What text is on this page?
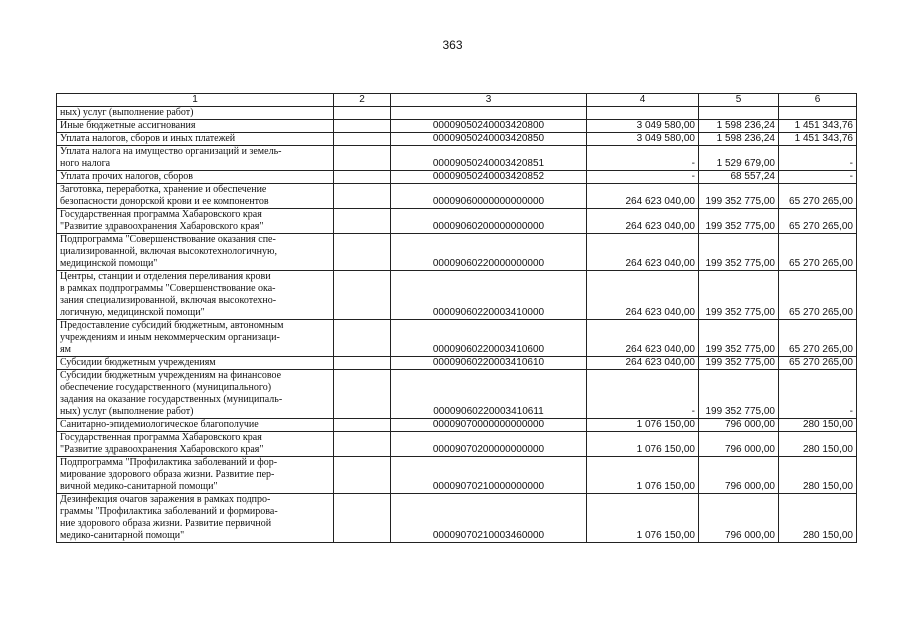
363
1	2	3	4	5	6

ных) услуг (выполнение работ)					

Иные бюджетные ассигнования		00009050240003420800	3 049 580,00	1 598 236,24	1 451 343,76

Уплата налогов, сборов и иных платежей		00009050240003420850	3 049 580,00	1 598 236,24	1 451 343,76

Уплата налога на имущество организаций и земель-
ного налога		00009050240003420851	-	1 529 679,00	-

Уплата прочих налогов, сборов		00009050240003420852	-	68 557,24	-

Заготовка, переработка, хранение и обеспечение
безопасности донорской крови и ее компонентов		00009060000000000000	264 623 040,00	199 352 775,00	65 270 265,00

Государственная программа Хабаровского края
"Развитие здравоохранения Хабаровского края"		00009060200000000000	264 623 040,00	199 352 775,00	65 270 265,00

Подпрограмма "Совершенствование оказания спе-
циализированной, включая высокотехнологичную,
медицинской помощи"		00009060220000000000	264 623 040,00	199 352 775,00	65 270 265,00

Центры, станции и отделения переливания крови
в рамках подпрограммы "Совершенствование ока-
зания специализированной, включая высокотехно-
логичную, медицинской помощи"		00009060220003410000	264 623 040,00	199 352 775,00	65 270 265,00

Предоставление субсидий бюджетным, автономным
учреждениям и иным некоммерческим организаци-
ям		00009060220003410600	264 623 040,00	199 352 775,00	65 270 265,00

Субсидии бюджетным учреждениям		00009060220003410610	264 623 040,00	199 352 775,00	65 270 265,00

Субсидии бюджетным учреждениям на финансовое
обеспечение государственного (муниципального)
задания на оказание государственных (муниципаль-
ных) услуг (выполнение работ)		00009060220003410611	-	199 352 775,00	-

Санитарно-эпидемиологическое благополучие		00009070000000000000	1 076 150,00	796 000,00	280 150,00

Государственная программа Хабаровского края
"Развитие здравоохранения Хабаровского края"		00009070200000000000	1 076 150,00	796 000,00	280 150,00

Подпрограмма "Профилактика заболеваний и фор-
мирование здорового образа жизни. Развитие пер-
вичной медико-санитарной помощи"		00009070210000000000	1 076 150,00	796 000,00	280 150,00

Дезинфекция очагов заражения в рамках подпро-
граммы "Профилактика заболеваний и формирова-
ние здорового образа жизни. Развитие первичной
медико-санитарной помощи"		00009070210003460000	1 076 150,00	796 000,00	280 150,00
